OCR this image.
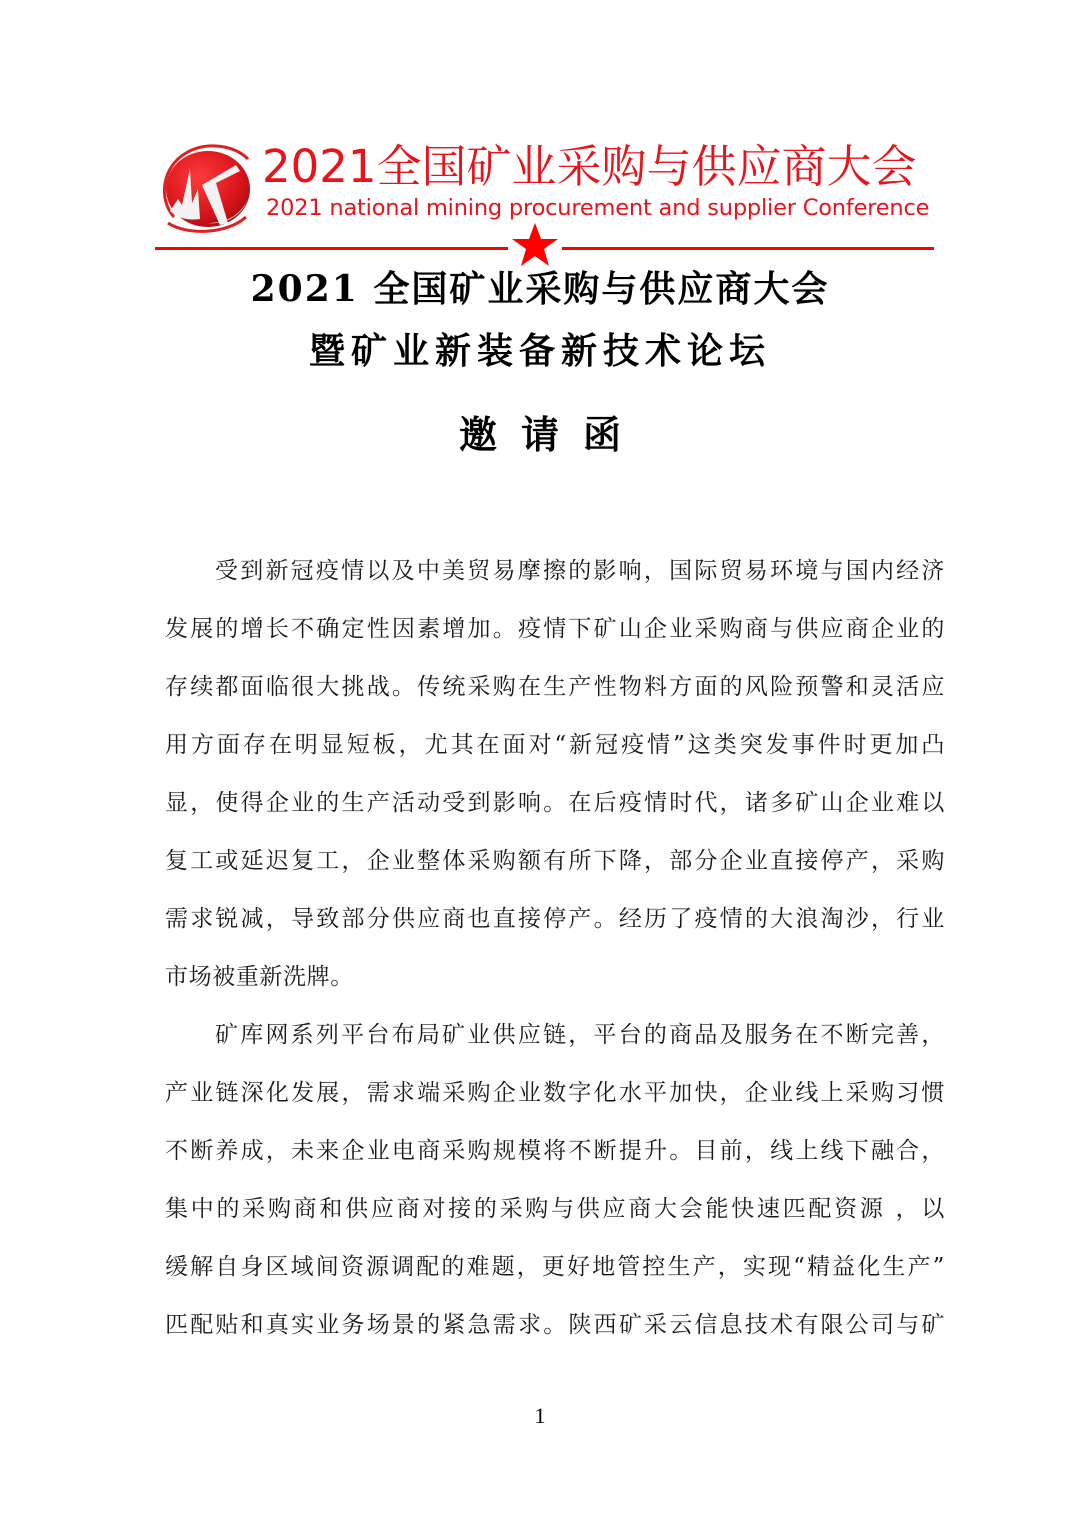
2021全国矿业采购与供应商大会
2021 national mining procurement and supplier Conference
2021 全国矿业采购与供应商大会
暨矿业新装备新技术论坛
邀请函
受到新冠疫情以及中美贸易摩擦的影响，国际贸易环境与国内经济
发展的增长不确定性因素增加。疫情下矿山企业采购商与供应商企业的
存续都面临很大挑战。传统采购在生产性物料方面的风险预警和灵活应
用方面存在明显短板，尤其在面对“新冠疫情”这类突发事件时更加凸
显，使得企业的生产活动受到影响。在后疫情时代，诸多矿山企业难以
复工或延迟复工，企业整体采购额有所下降，部分企业直接停产，采购
需求锐减，导致部分供应商也直接停产。经历了疫情的大浪淘沙，行业
市场被重新洗牌。
矿库网系列平台布局矿业供应链，平台的商品及服务在不断完善，
产业链深化发展，需求端采购企业数字化水平加快，企业线上采购习惯
不断养成，未来企业电商采购规模将不断提升。目前，线上线下融合，
集中的采购商和供应商对接的采购与供应商大会能快速匹配资源 ，以
缓解自身区域间资源调配的难题，更好地管控生产，实现“精益化生产”
匹配贴和真实业务场景的紧急需求。陕西矿采云信息技术有限公司与矿
1
